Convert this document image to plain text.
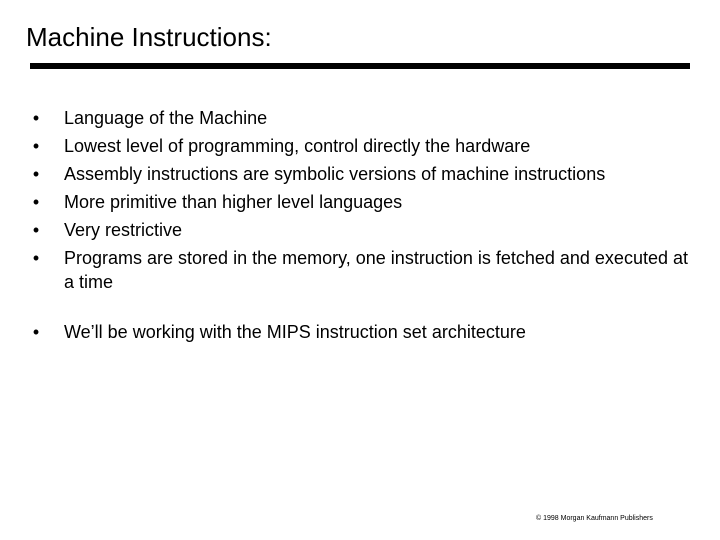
Machine Instructions:
• Language of the Machine
• Lowest level of programming, control directly the hardware
• Assembly instructions are symbolic versions of machine instructions
• More primitive than higher level languages
• Very restrictive
• Programs are stored in the memory, one instruction is fetched and executed at a time
• We’ll be working with the MIPS instruction set architecture
© 1998 Morgan Kaufmann Publishers
